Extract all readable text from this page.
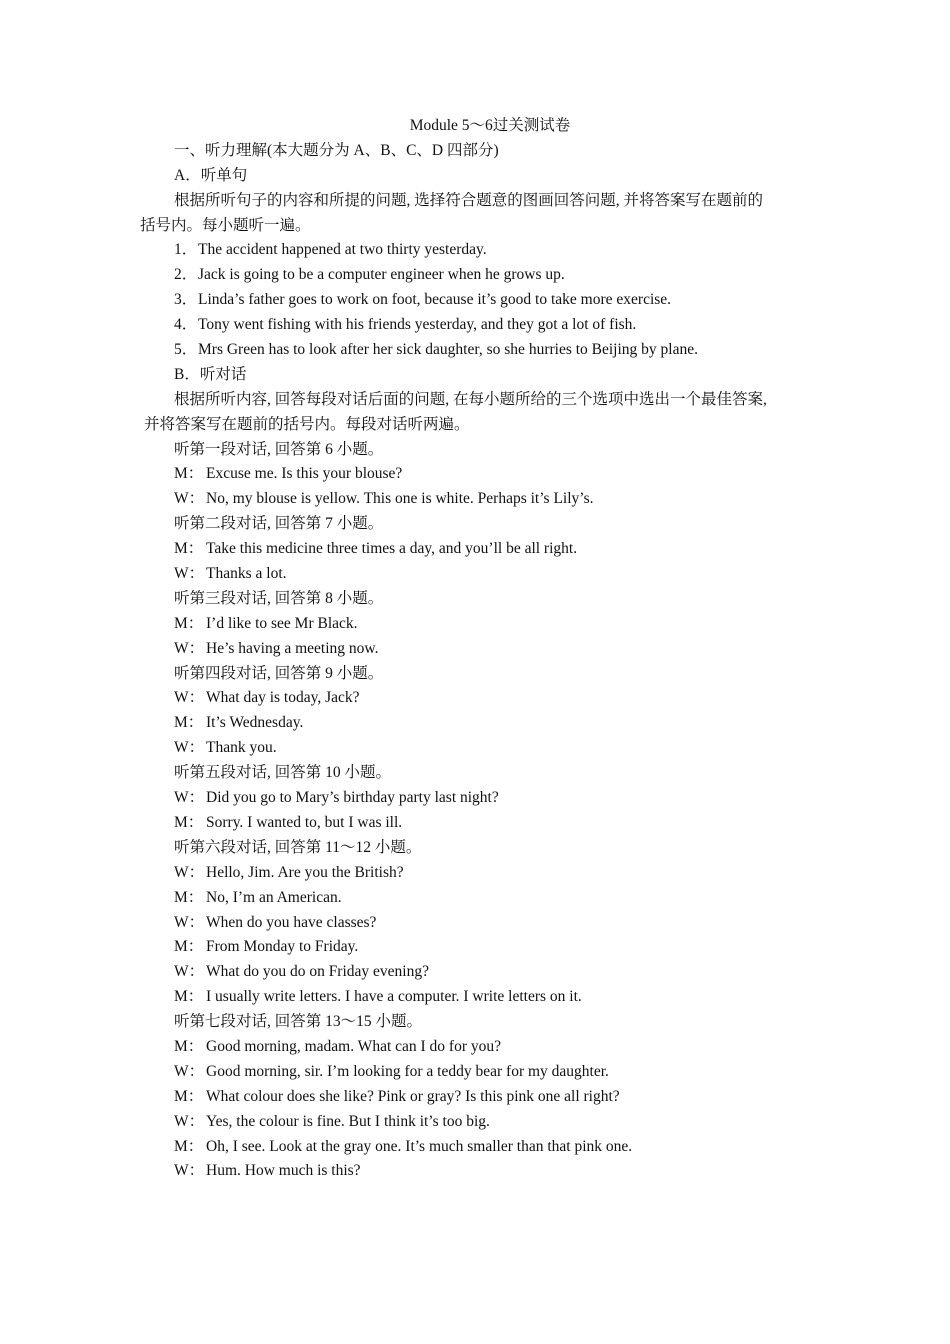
Module 5～6过关测试卷
一、听力理解(本大题分为 A、B、C、D 四部分)
A．听单句
根据所听句子的内容和所提的问题, 选择符合题意的图画回答问题, 并将答案写在题前的
括号内。每小题听一遍。
1．The accident happened at two thirty yesterday.
2．Jack is going to be a computer engineer when he grows up.
3．Linda’s father goes to work on foot, because it’s good to take more exercise.
4．Tony went fishing with his friends yesterday, and they got a lot of fish.
5．Mrs Green has to look after her sick daughter, so she hurries to Beijing by plane.
B．听对话
根据所听内容, 回答每段对话后面的问题, 在每小题所给的三个选项中选出一个最佳答案,
并将答案写在题前的括号内。每段对话听两遍。
听第一段对话, 回答第 6 小题。
M： Excuse me. Is this your blouse?
W： No, my blouse is yellow. This one is white. Perhaps it’s Lily’s.
听第二段对话, 回答第 7 小题。
M： Take this medicine three times a day, and you’ll be all right.
W： Thanks a lot.
听第三段对话, 回答第 8 小题。
M： I’d like to see Mr Black.
W： He’s having a meeting now.
听第四段对话, 回答第 9 小题。
W： What day is today, Jack?
M： It’s Wednesday.
W： Thank you.
听第五段对话, 回答第 10 小题。
W： Did you go to Mary’s birthday party last night?
M： Sorry. I wanted to, but I was ill.
听第六段对话, 回答第 11～12 小题。
W： Hello, Jim. Are you the British?
M： No, I’m an American.
W： When do you have classes?
M： From Monday to Friday.
W： What do you do on Friday evening?
M： I usually write letters. I have a computer. I write letters on it.
听第七段对话, 回答第 13～15 小题。
M： Good morning, madam. What can I do for you?
W： Good morning, sir. I’m looking for a teddy bear for my daughter.
M： What colour does she like? Pink or gray? Is this pink one all right?
W： Yes, the colour is fine. But I think it’s too big.
M： Oh, I see. Look at the gray one. It’s much smaller than that pink one.
W： Hum. How much is this?
